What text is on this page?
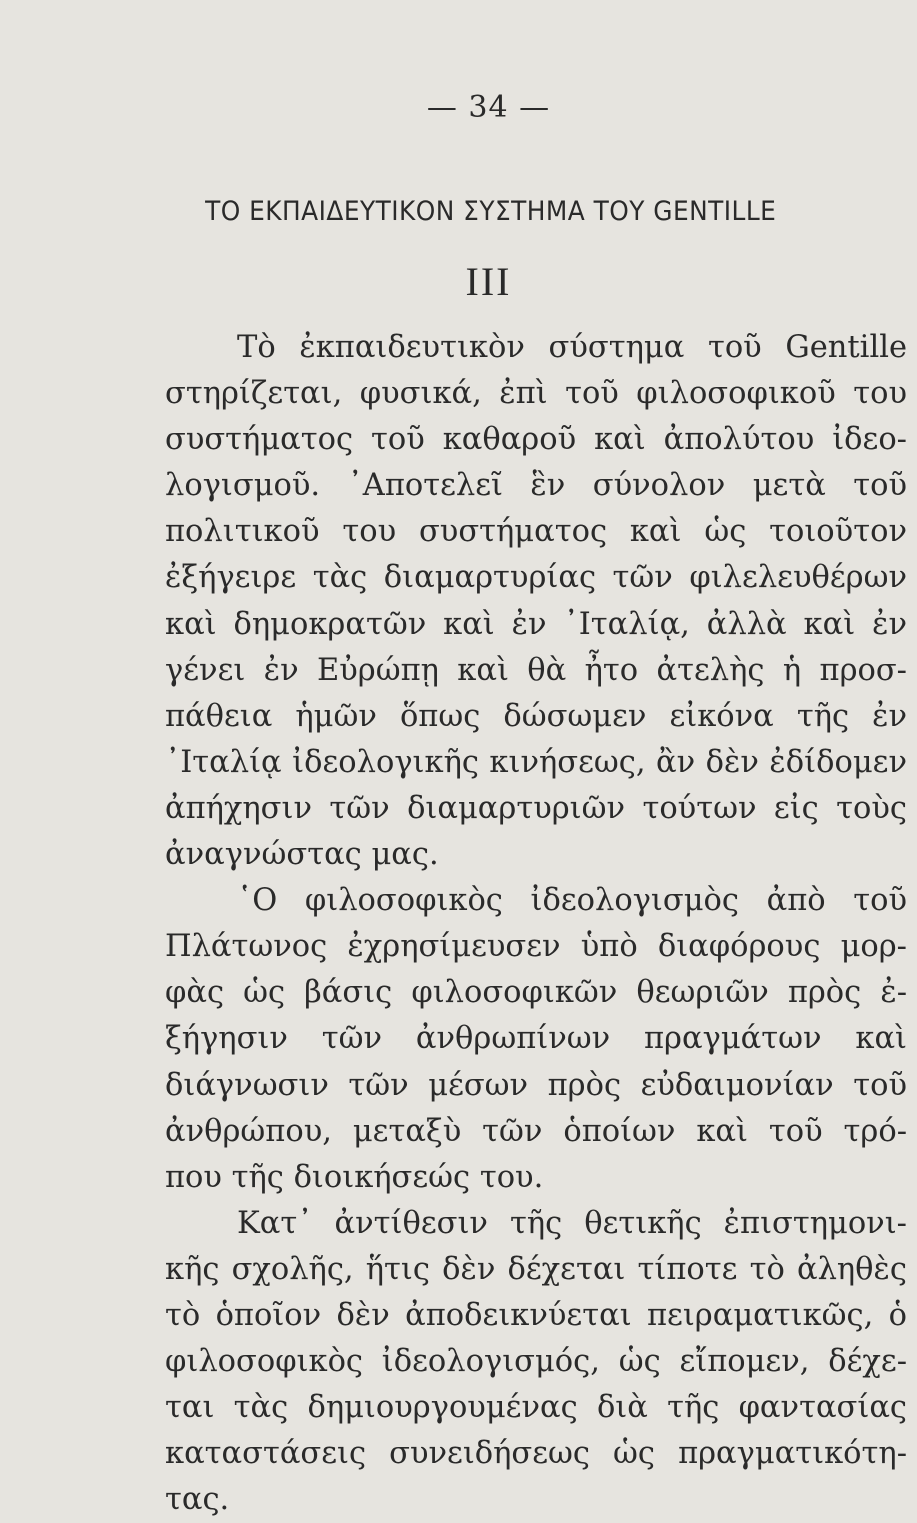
— 34 —
ΤΟ ΕΚΠΑΙΔΕΥΤΙΚΟΝ ΣΥΣΤΗΜΑ ΤΟΥ GENTILLE
III
Τὸ ἐκπαιδευτικὸν σύστημα τοῦ Gentille
στηρίζεται, φυσικά, ἐπὶ τοῦ φιλοσοφικοῦ του
συστήματος τοῦ καθαροῦ καὶ ἀπολύτου ἰδεο-
λογισμοῦ. ᾽Αποτελεῖ ἓν σύνολον μετὰ τοῦ
πολιτικοῦ του συστήματος καὶ ὡς τοιοῦτον
ἐξήγειρε τὰς διαμαρτυρίας τῶν φιλελευθέρων
καὶ δημοκρατῶν καὶ ἐν ᾽Ιταλίᾳ, ἀλλὰ καὶ ἐν
γένει ἐν Εὐρώπῃ καὶ θὰ ἦτο ἀτελὴς ἡ προσ-
πάθεια ἡμῶν ὅπως δώσωμεν εἰκόνα τῆς ἐν
᾽Ιταλίᾳ ἰδεολογικῆς κινήσεως, ἂν δὲν ἐδίδομεν
ἀπήχησιν τῶν διαμαρτυριῶν τούτων εἰς τοὺς
ἀναγνώστας μας.
῾Ο φιλοσοφικὸς ἰδεολογισμὸς ἀπὸ τοῦ
Πλάτωνος ἐχρησίμευσεν ὑπὸ διαφόρους μορ-
φὰς ὡς βάσις φιλοσοφικῶν θεωριῶν πρὸς ἐ-
ξήγησιν τῶν ἀνθρωπίνων πραγμάτων καὶ
διάγνωσιν τῶν μέσων πρὸς εὐδαιμονίαν τοῦ
ἀνθρώπου, μεταξὺ τῶν ὁποίων καὶ τοῦ τρό-
που τῆς διοικήσεώς του.
Κατ᾽ ἀντίθεσιν τῆς θετικῆς ἐπιστημονι-
κῆς σχολῆς, ἥτις δὲν δέχεται τίποτε τὸ ἀληθὲς
τὸ ὁποῖον δὲν ἀποδεικνύεται πειραματικῶς, ὁ
φιλοσοφικὸς ἰδεολογισμός, ὡς εἴπομεν, δέχε-
ται τὰς δημιουργουμένας διὰ τῆς φαντασίας
καταστάσεις συνειδήσεως ὡς πραγματικότη-
τας.
